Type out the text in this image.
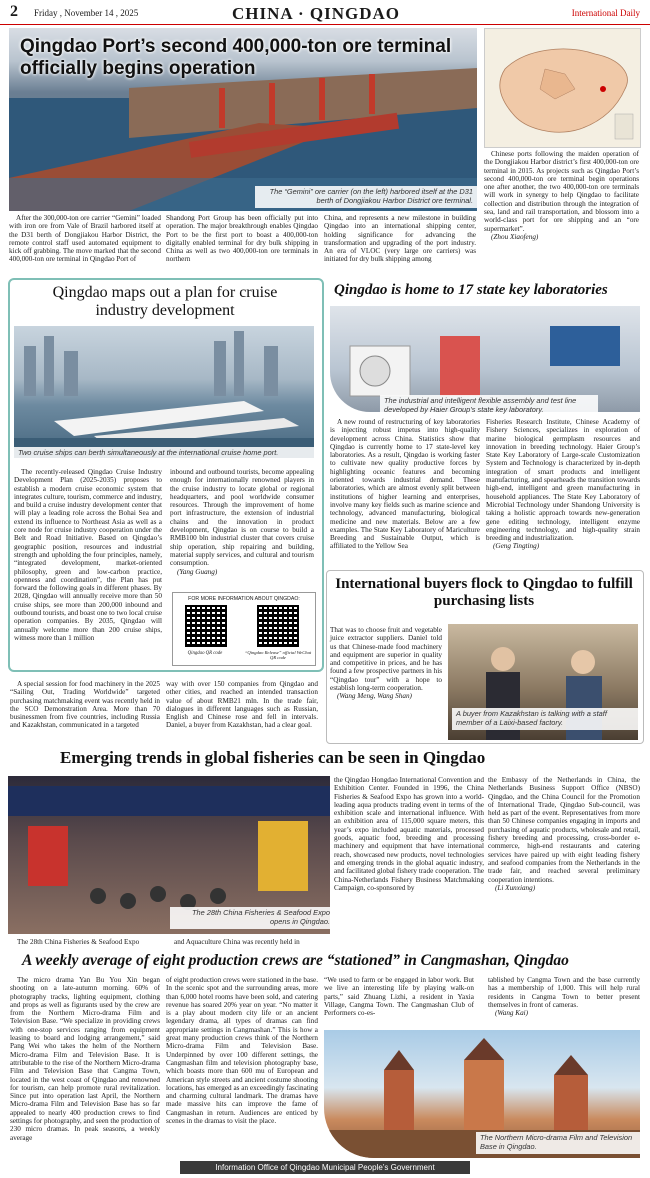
2 Friday , November 14 , 2025	CHINA · QINGDAO	International Daily
Qingdao Port’s second 400,000-ton ore terminal officially begins operation
The “Gemini” ore carrier (on the left) harbored itself at the D31 berth of Dongjiakou Harbor District ore terminal.

Chinese ports following the maiden operation of the Dongjiakou Harbor district’s first 400,000-ton ore terminal in 2015. As projects such as Qingdao Port’s second 400,000-ton ore terminal begin operations one after another, the two 400,000-ton ore terminals will work in synergy to help Qingdao to facilitate collection and distribution through the integration of sea, land and rail transportation, and blossom into a world-class port for ore shipping and an “ore supermarket”.

(Zhou Xiaofeng)

After the 300,000-ton ore carrier “Gemini” loaded with iron ore from Vale of Brazil harbored itself at the D31 berth of Dongjiakou Harbor District, the remote control staff used automated equipment to kick off grabbing. The move marked that the second 400,000-ton ore terminal in Qingdao Port of

Shandong Port Group has been officially put into operation. The major breakthrough enables Qingdao Port to be the first port to boast a 400,000-ton digitally enabled terminal for dry bulk shipping in China as well as two 400,000-ton ore terminals in northern

China, and represents a new milestone in building Qingdao into an international shipping center, holding significance for advancing the transformation and upgrading of the port industry. An era of VLOC (very large ore carriers) was initiated for dry bulk shipping among

Qingdao maps out a plan for cruise industry development
Two cruise ships can berth simultaneously at the international cruise home port.

The recently-released Qingdao Cruise Industry Development Plan (2025-2035) proposes to establish a modern cruise economic system that integrates culture, tourism, commerce and industry, and build a cruise industry development center that will play a leading role across the Bohai Sea and extend its influence to Northeast Asia as well as a core node for cruise industry cooperation under the Belt and Road Initiative. Based on Qingdao’s geographic position, resources and industrial strength and upholding the four principles, namely, “integrated development, market-oriented philosophy, green and low-carbon practice, openness and coordination”, the Plan has put forward the following goals in different phases. By 2028, Qingdao will annually receive more than 50 cruise ships, see more than 200,000 inbound and outbound tourists, and boast one to two local cruise operation companies. By 2035, Qingdao will annually welcome more than 200 cruise ships, witness more than 1 million

inbound and outbound tourists, become appealing enough for internationally renowned players in the cruise industry to locate global or regional headquarters, and pool worldwide consumer resources. Through the improvement of home port infrastructure, the extension of industrial chains and the innovation in product development, Qingdao is on course to build a RMB100 bln industrial cluster that covers cruise ship operation, ship repairing and building, material supply services, and cultural and tourism consumption.

(Yang Guang)

FOR MORE INFORMATION ABOUT QINGDAO:
Qingdao QR code	“Qingdao Release” official WeChat QR code
Qingdao is home to 17 state key laboratories
The industrial and intelligent flexible assembly and test line developed by Haier Group’s state key laboratory.

A new round of restructuring of key laboratories is injecting robust impetus into high-quality development across China. Statistics show that Qingdao is currently home to 17 state-level key laboratories. As a result, Qingdao is working faster to cultivate new quality productive forces by highlighting oceanic features and becoming oriented towards industrial demand. These laboratories, which are almost evenly split between institutions of higher learning and enterprises, involve many key fields such as marine science and technology, advanced manufacturing, biological medicine and new materials. Below are a few examples. The State Key Laboratory of Mariculture Breeding and Sustainable Output, which is affiliated to the Yellow Sea

Fisheries Research Institute, Chinese Academy of Fishery Sciences, specializes in exploration of marine biological germplasm resources and innovation in breeding technology. Haier Group’s State Key Laboratory of Large-scale Customization System and Technology is characterized by in-depth integration of smart products and intelligent manufacturing, and spearheads the transition towards high-end, intelligent and green manufacturing in household appliances. The State Key Laboratory of Microbial Technology under Shandong University is taking a holistic approach towards new-generation gene editing technology, intelligent enzyme engineering technology, and high-quality strain breeding and industrialization.

(Geng Tingting)

International buyers flock to Qingdao to fulfill purchasing lists

That was to choose fruit and vegetable juice extractor suppliers. Daniel told us that Chinese-made food machinery and equipment are superior in quality and competitive in prices, and he has found a few prospective partners in his “Qingdao tour” with a hope to establish long-term cooperation.

(Wang Meng, Wang Shan)

A buyer from Kazakhstan is talking with a staff member of a Laixi-based factory.

A special session for food machinery in the 2025 “Sailing Out, Trading Worldwide” targeted purchasing matchmaking event was recently held in the SCO Demonstration Area. More than 70 businessmen from five countries, including Russia and Kazakhstan, communicated in a targeted

way with over 150 companies from Qingdao and other cities, and reached an intended transaction value of about RMB21 mln. In the trade fair, dialogues in different languages such as Russian, English and Chinese rose and fell in intervals. Daniel, a buyer from Kazakhstan, had a clear goal.

Emerging trends in global fisheries can be seen in Qingdao
The 28th China Fisheries & Seafood Expo opens in Qingdao.

The 28th China Fisheries & Seafood Expo	and Aquaculture China was recently held in

the Qingdao Hongdao International Convention and Exhibition Center. Founded in 1996, the China Fisheries & Seafood Expo has grown into a world-leading aqua products trading event in terms of the exhibition scale and international influence. With an exhibition area of 115,000 square meters, this year’s expo included aquatic materials, processed goods, aquatic food, breeding and processing machinery and equipment that have international reach, showcased new products, novel technologies and emerging trends in the global aquatic industry, and facilitated global fishery trade cooperation. The China-Netherlands Fishery Business Matchmaking Campaign, co-sponsored by

the Embassy of the Netherlands in China, the Netherlands Business Support Office (NBSO) Qingdao, and the China Council for the Promotion of International Trade, Qingdao Sub-council, was held as part of the event. Representatives from more than 50 Chinese companies engaging in imports and purchasing of aquatic products, wholesale and retail, fishery breeding and processing, cross-border e-commerce, high-end restaurants and catering services have paired up with eight leading fishery and seafood companies from the Netherlands in the trade fair, and reached several preliminary cooperation intentions.

(Li Xunxiang)

A weekly average of eight production crews are “stationed” in Cangmashan, Qingdao

The micro drama Yan Bu You Xin began shooting on a late-autumn morning. 60% of photography tracks, lighting equipment, clothing and props as well as figurants used by the crew are from the Northern Micro-drama Film and Television Base. “We specialize in providing crews with one-stop services ranging from equipment leasing to board and lodging arrangement,” said Pang Wei who takes the helm of the Northern Micro-drama Film and Television Base. It is attributable to the rise of the Northern Micro-drama Film and Television Base that Cangma Town, located in the west coast of Qingdao and renowned for tourism, can help promote rural revitalization. Since put into operation last April, the Northern Micro-drama Film and Television Base has so far appealed to nearly 400 production crews to find settings for photography, and seen the production of 230 micro dramas. In peak seasons, a weekly average

of eight production crews were stationed in the base. In the scenic spot and the surrounding areas, more than 6,000 hotel rooms have been sold, and catering revenue has soared 20% year on year. “No matter it is a play about modern city life or an ancient legendary drama, all types of dramas can find appropriate settings in Cangmashan.” This is how a great many production crews think of the Northern Micro-drama Film and Television Base. Underpinned by over 100 different settings, the Cangmashan film and television photography base, which boasts more than 600 mu of European and American style streets and ancient costume shooting locations, has emerged as an exceedingly fascinating and charming cultural landmark. The dramas have made massive hits can improve the fame of Cangmashan in return. Audiences are enticed by scenes in the dramas to visit the place.

“We used to farm or be engaged in labor work. But we live an interesting life by playing walk-on parts,” said Zhuang Lizhi, a resident in Yaxia Village, Cangma Town. The Cangmashan Club of Performers co-es-

tablished by Cangma Town and the base currently has a membership of 1,000. This will help rural residents in Cangma Town to better present themselves in front of cameras.

(Wang Kai)

The Northern Micro-drama Film and Television Base in Qingdao.
Information Office of Qingdao Municipal People’s Government
